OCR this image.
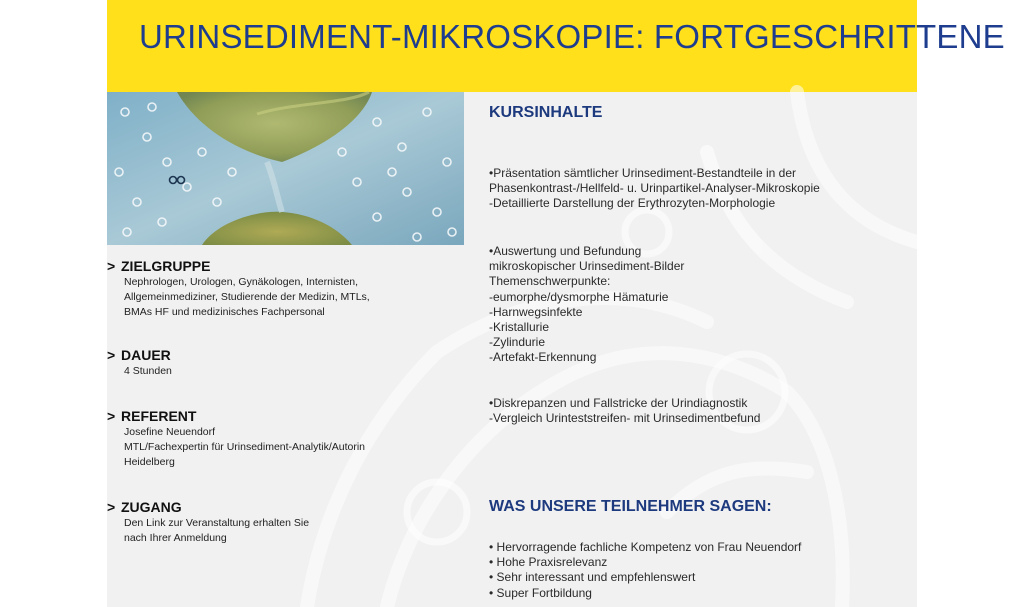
URINSEDIMENT-MIKROSKOPIE: FORTGESCHRITTENE

> ZIELGRUPPE

Nephrologen, Urologen, Gynäkologen, Internisten,
Allgemeinmediziner, Studierende der Medizin, MTLs,
BMAs HF und medizinisches Fachpersonal

> DAUER

4 Stunden

> REFERENT

Josefine Neuendorf
MTL/Fachexpertin für Urinsediment-Analytik/Autorin
Heidelberg

> ZUGANG

Den Link zur Veranstaltung erhalten Sie
nach Ihrer Anmeldung
KURSINHALTE
•Präsentation sämtlicher Urinsediment-Bestandteile in der
Phasenkontrast-/Hellfeld- u. Urinpartikel-Analyser-Mikroskopie
-Detaillierte Darstellung der Erythrozyten-Morphologie
•Auswertung und Befundung
mikroskopischer Urinsediment-Bilder
Themenschwerpunkte:
-eumorphe/dysmorphe Hämaturie
-Harnwegsinfekte
-Kristallurie
-Zylindurie
-Artefakt-Erkennung
•Diskrepanzen und Fallstricke der Urindiagnostik
-Vergleich Urinteststreifen- mit Urinsedimentbefund
WAS UNSERE TEILNEHMER SAGEN:
• Hervorragende fachliche Kompetenz von Frau Neuendorf
• Hohe Praxisrelevanz
• Sehr interessant und empfehlenswert
• Super Fortbildung
